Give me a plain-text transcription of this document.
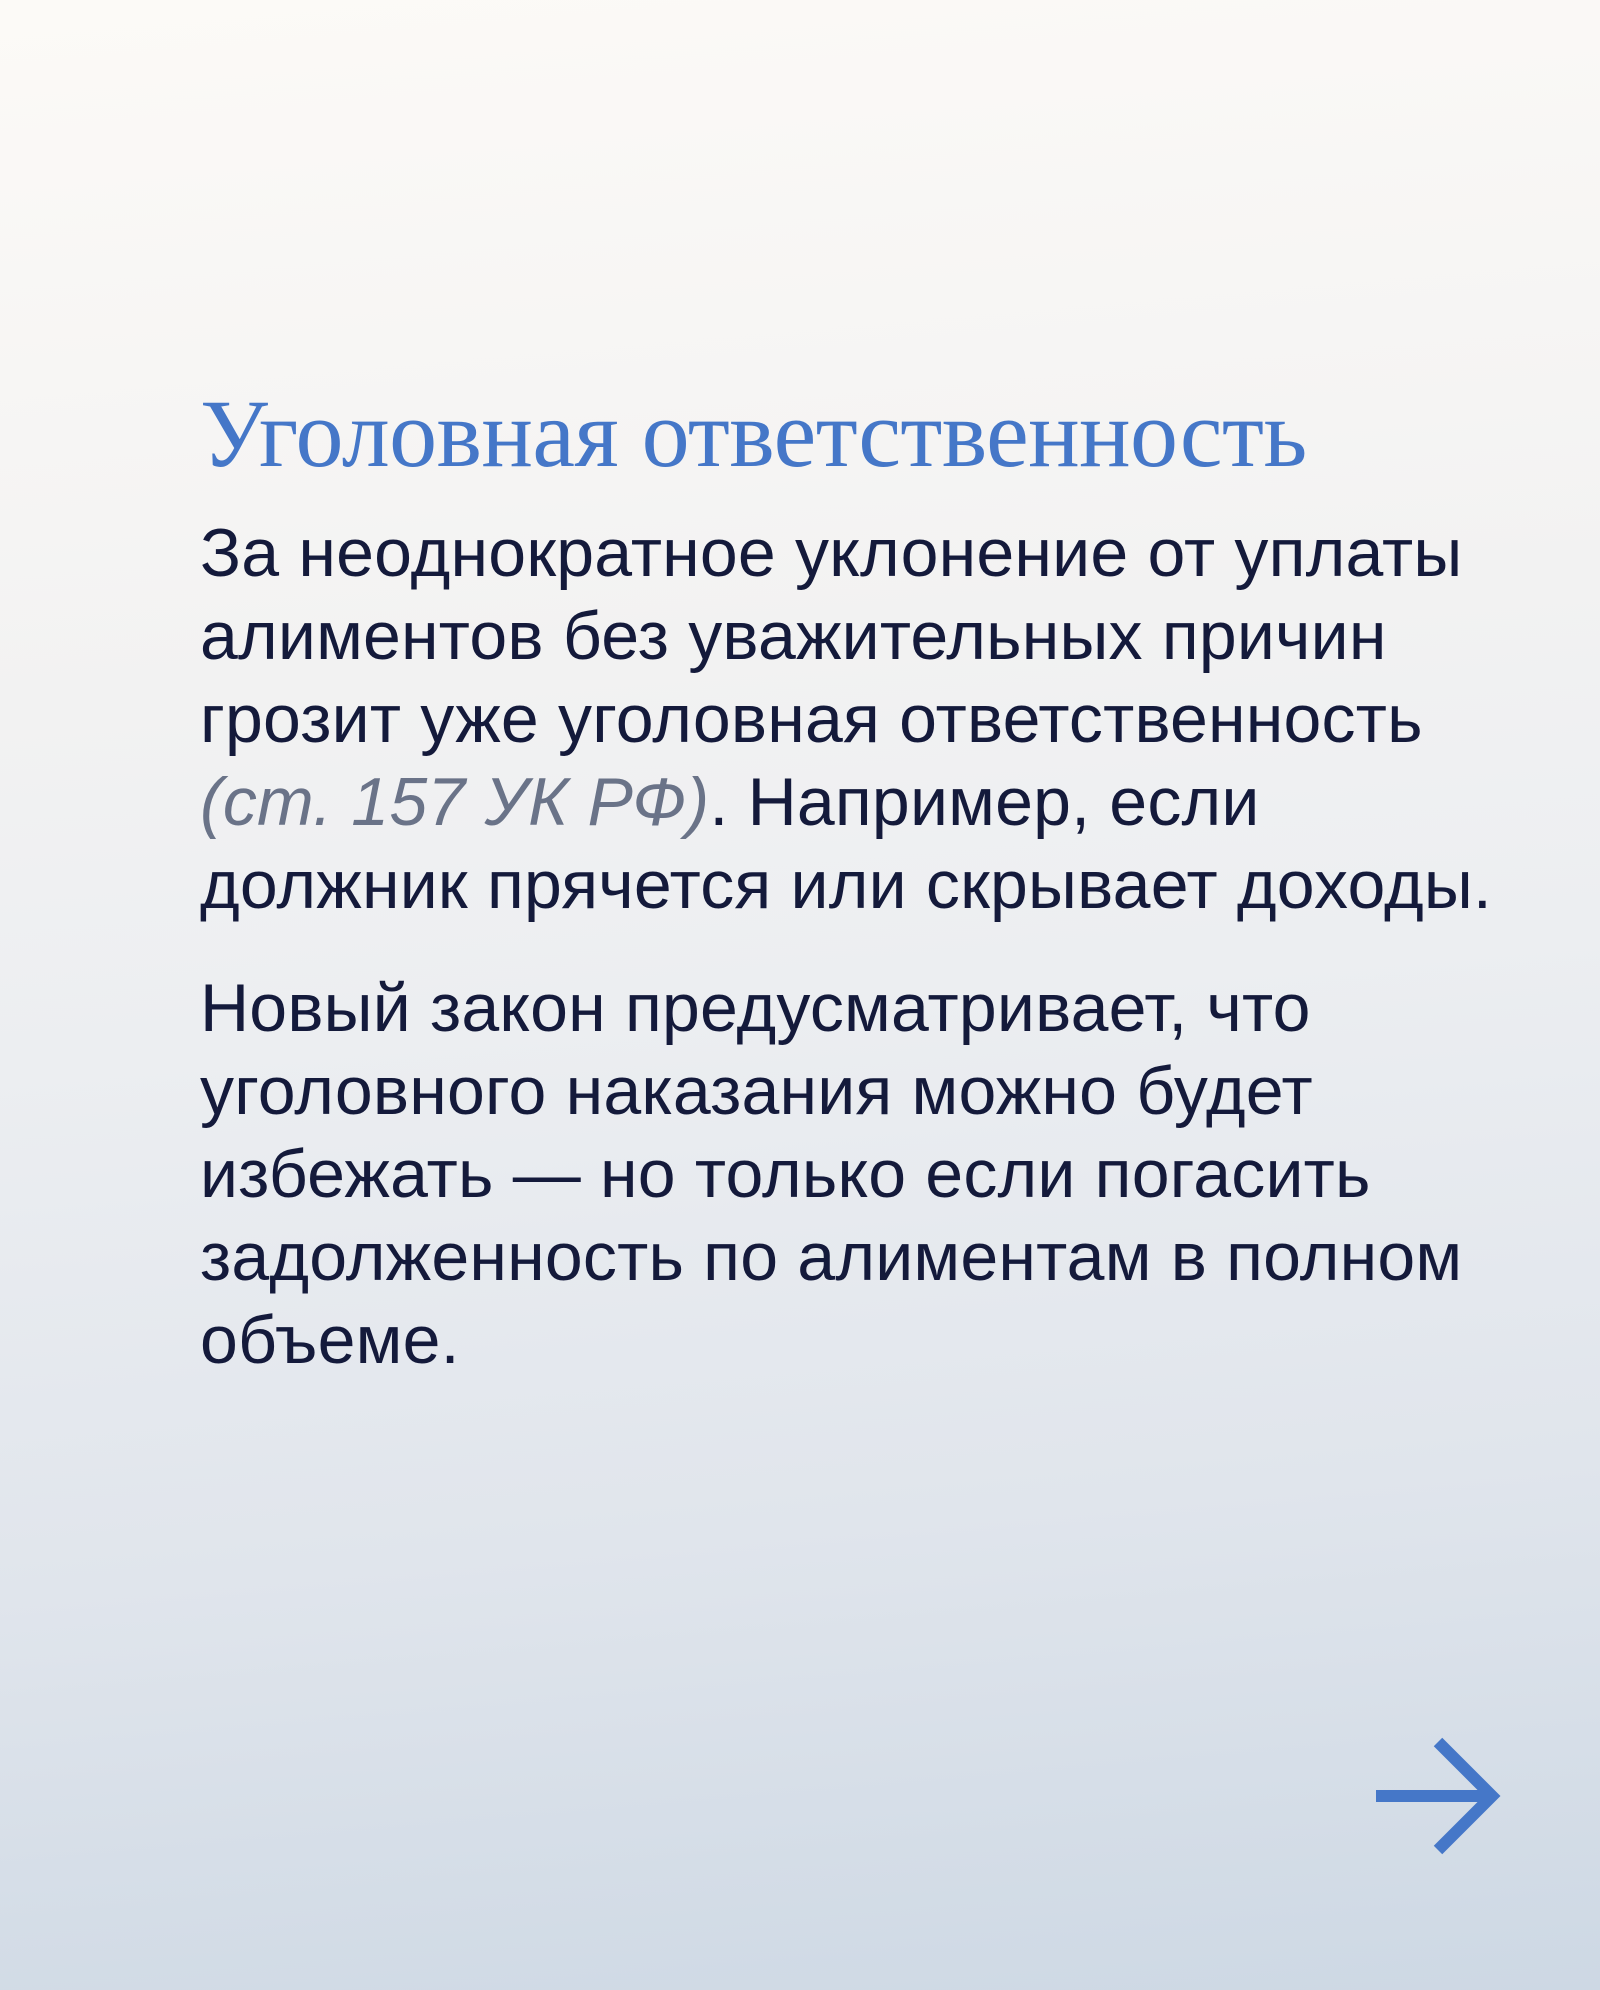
Уголовная ответственность

За неоднократное уклонение от уплаты алиментов без уважительных причин грозит уже уголовная ответственность (ст. 157 УК РФ). Например, если должник прячется или скрывает доходы.

Новый закон предусматривает, что уголовного наказания можно будет избежать — но только если погасить задолженность по алиментам в полном объеме.
